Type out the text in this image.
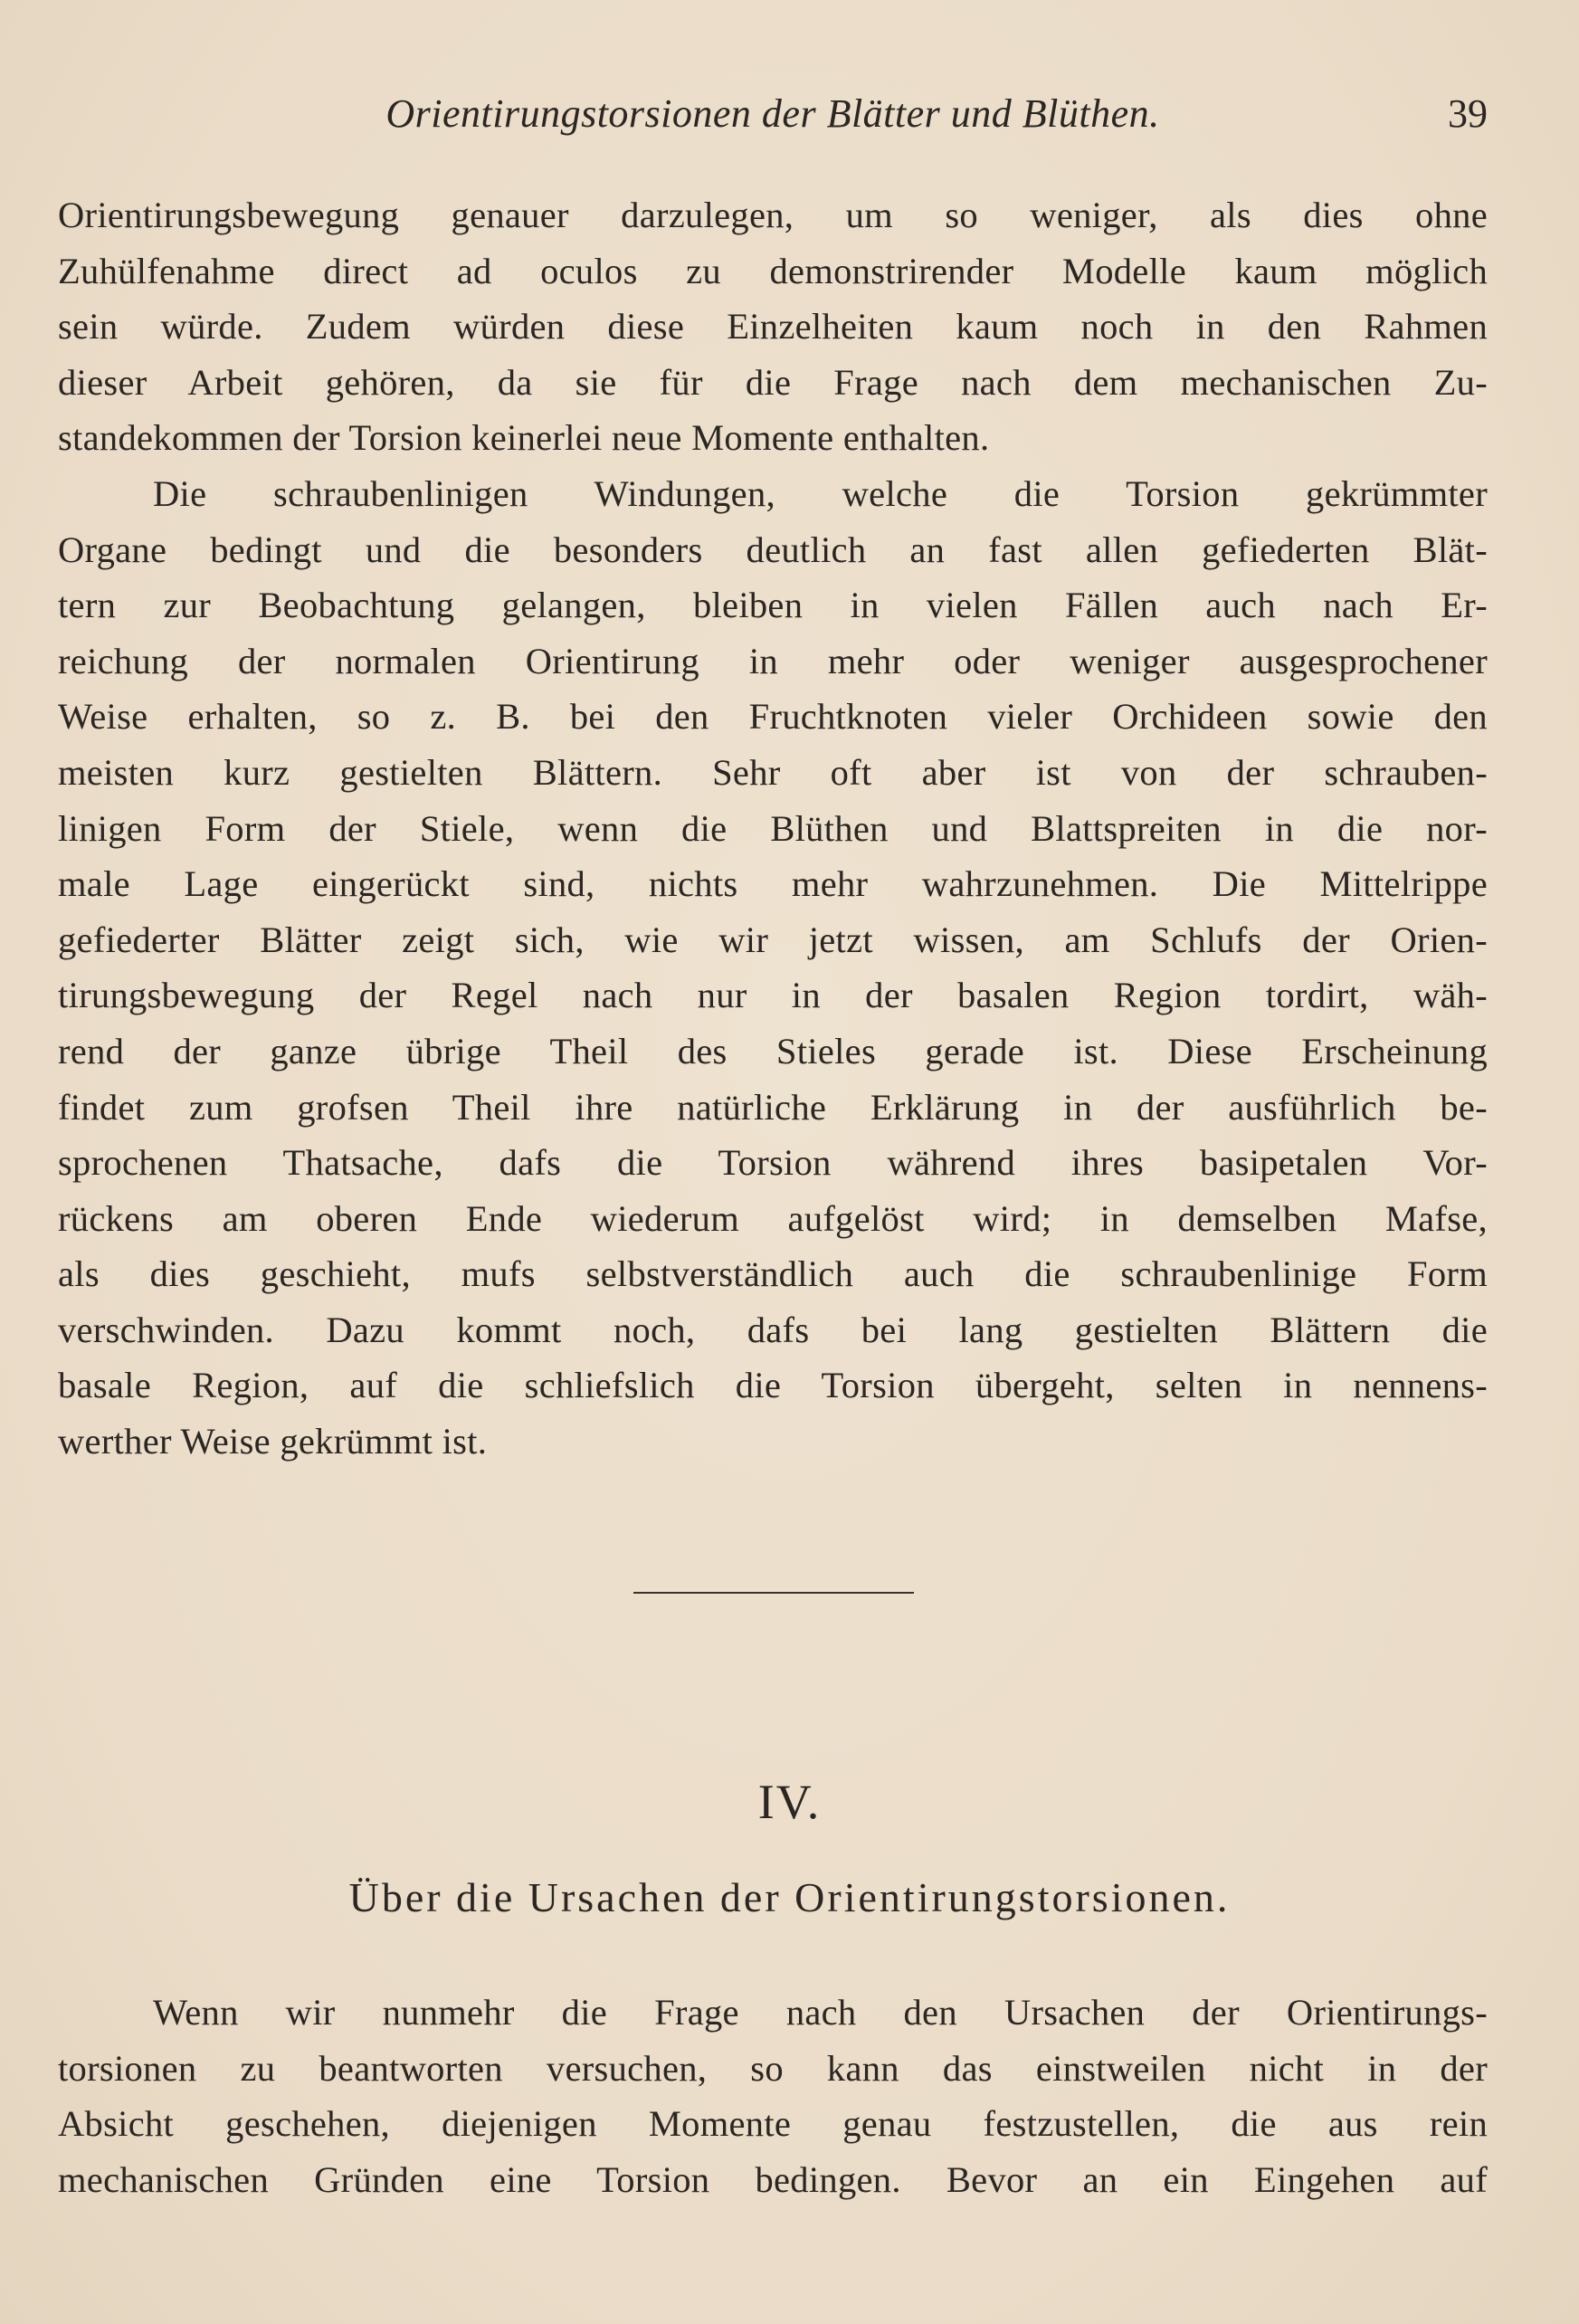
Orientirungstorsionen der Blätter und Blüthen.	39
Orientirungsbewegung genauer darzulegen, um so weniger, als dies ohne
Zuhülfenahme direct ad oculos zu demonstrirender Modelle kaum möglich
sein würde. Zudem würden diese Einzelheiten kaum noch in den Rahmen
dieser Arbeit gehören, da sie für die Frage nach dem mechanischen Zu-
standekommen der Torsion keinerlei neue Momente enthalten.
Die schraubenlinigen Windungen, welche die Torsion gekrümmter
Organe bedingt und die besonders deutlich an fast allen gefiederten Blät-
tern zur Beobachtung gelangen, bleiben in vielen Fällen auch nach Er-
reichung der normalen Orientirung in mehr oder weniger ausgesprochener
Weise erhalten, so z. B. bei den Fruchtknoten vieler Orchideen sowie den
meisten kurz gestielten Blättern. Sehr oft aber ist von der schrauben-
linigen Form der Stiele, wenn die Blüthen und Blattspreiten in die nor-
male Lage eingerückt sind, nichts mehr wahrzunehmen. Die Mittelrippe
gefiederter Blätter zeigt sich, wie wir jetzt wissen, am Schlufs der Orien-
tirungsbewegung der Regel nach nur in der basalen Region tordirt, wäh-
rend der ganze übrige Theil des Stieles gerade ist. Diese Erscheinung
findet zum grofsen Theil ihre natürliche Erklärung in der ausführlich be-
sprochenen Thatsache, dafs die Torsion während ihres basipetalen Vor-
rückens am oberen Ende wiederum aufgelöst wird; in demselben Mafse,
als dies geschieht, mufs selbstverständlich auch die schraubenlinige Form
verschwinden. Dazu kommt noch, dafs bei lang gestielten Blättern die
basale Region, auf die schliefslich die Torsion übergeht, selten in nennens-
werther Weise gekrümmt ist.
IV.
Über die Ursachen der Orientirungstorsionen.
Wenn wir nunmehr die Frage nach den Ursachen der Orientirungs-
torsionen zu beantworten versuchen, so kann das einstweilen nicht in der
Absicht geschehen, diejenigen Momente genau festzustellen, die aus rein
mechanischen Gründen eine Torsion bedingen. Bevor an ein Eingehen auf
